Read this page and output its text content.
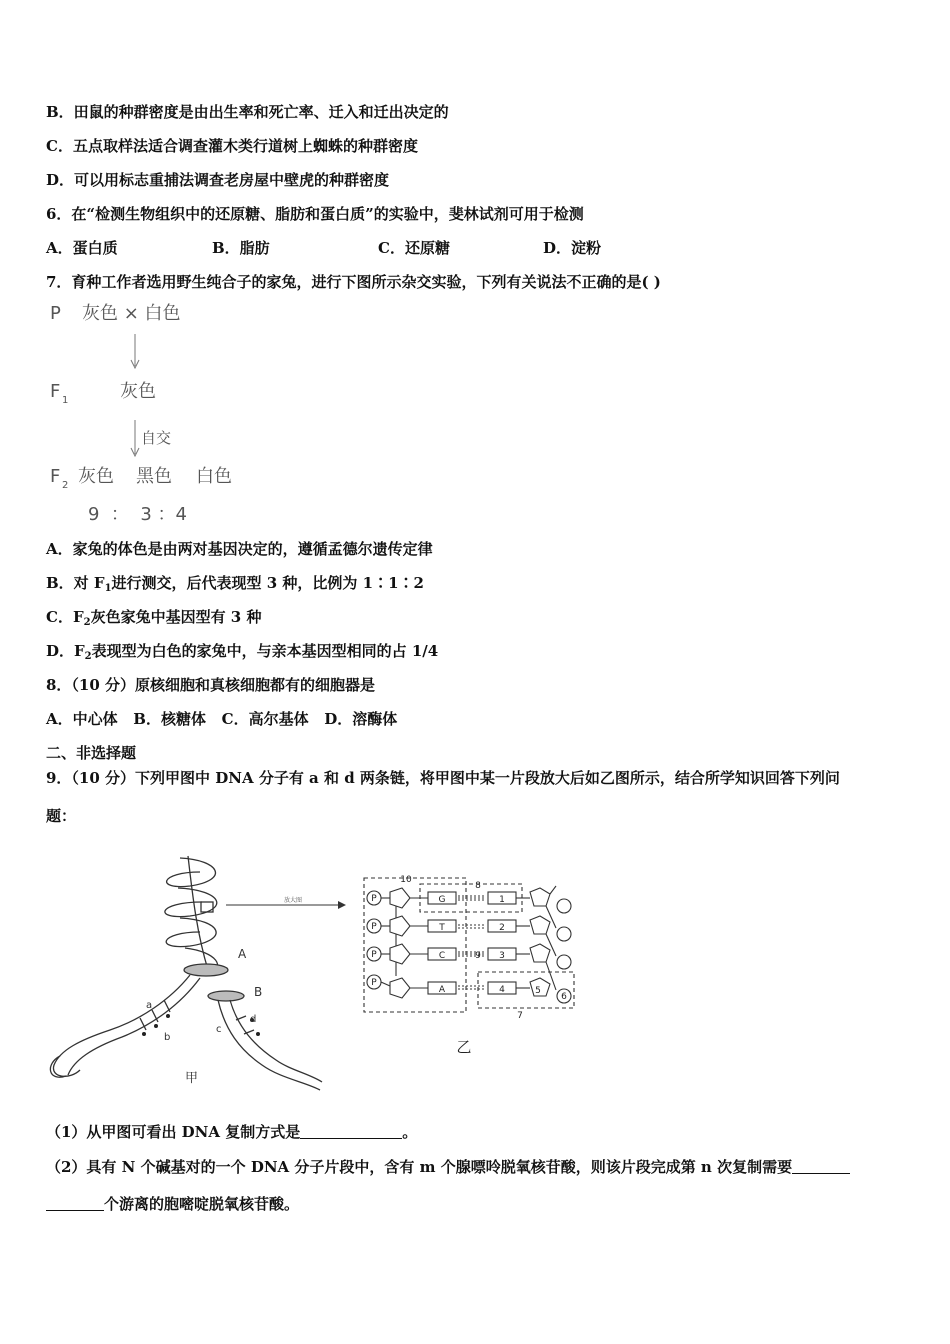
B．田鼠的种群密度是由出生率和死亡率、迁入和迁出决定的
C．五点取样法适合调查灌木类行道树上蜘蛛的种群密度
D．可以用标志重捕法调查老房屋中壁虎的种群密度
6．在“检测生物组织中的还原糖、脂肪和蛋白质”的实验中，斐林试剂可用于检测
A．蛋白质	B．脂肪	C．还原糖	D．淀粉
7．育种工作者选用野生纯合子的家兔，进行下图所示杂交实验，下列有关说法不正确的是( )
P 灰色 × 白色
F 1	灰色
自交
F 2 灰色 黑色 白色
9  ：  3 ：4
A．家兔的体色是由两对基因决定的，遵循孟德尔遗传定律
B．对 $F_1$进行测交，后代表现型 3 种，比例为 1∶1∶2
C．$F_2$灰色家兔中基因型有 3 种
D．$F_2$表现型为白色的家兔中，与亲本基因型相同的占 1/4
8．（10 分）原核细胞和真核细胞都有的细胞器是
A．中心体   B．核糖体   C．高尔基体   D．溶酶体
二、非选择题
9．（10 分）下列甲图中 DNA 分子有 a 和 d 两条链，将甲图中某一片段放大后如乙图所示，结合所学知识回答下列问
题：
A
B
a
b
c
d
甲
放大图	P
P
P
P
G
T
C
A
1
2
3
4	5
6
7
8
9
10
乙
（1）从甲图可看出 DNA 复制方式是	。
（2）具有 N 个碱基对的一个 DNA 分子片段中，含有 m 个腺嘌呤脱氧核苷酸，则该片段完成第 n 次复制需要
个游离的胞嘧啶脱氧核苷酸。
